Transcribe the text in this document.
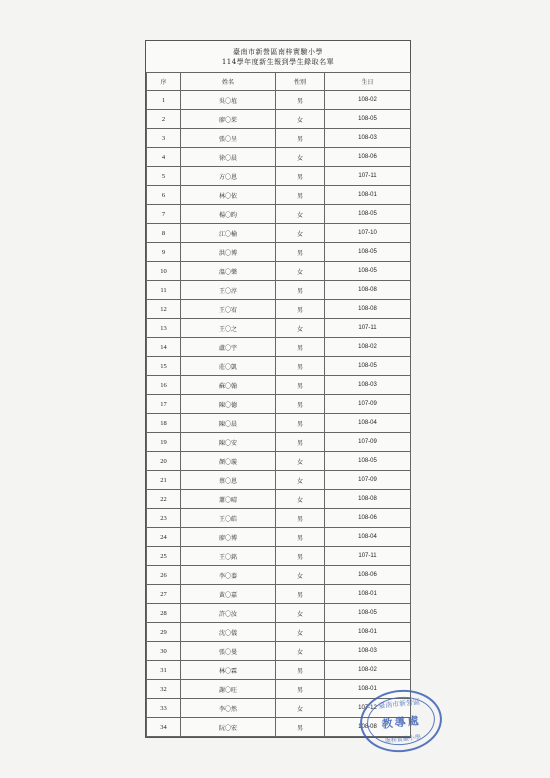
臺南市新營區南梓實驗小學
114學年度新生報到學生錄取名單
序	姓名	性別	生日
1	吳〇埴	男	108-02
2	廖〇茱	女	108-05
3	張〇呈	男	108-03
4	徐〇晨	女	108-06
5	方〇恩	男	107-11
6	林〇依	男	108-01
7	楊〇昀	女	108-05
8	江〇榆	女	107-10
9	洪〇博	男	108-05
10	溫〇樂	女	108-05
11	王〇淳	男	108-08
12	王〇宥	男	108-08
13	王〇之	女	107-11
14	盧〇宇	男	108-02
15	莊〇凱	男	108-05
16	蘇〇翰	男	108-03
17	陳〇德	男	107-09
18	陳〇晨	男	108-04
19	陳〇安	男	107-09
20	顏〇璇	女	108-05
21	蔡〇恩	女	107-09
22	蕭〇晴	女	108-08
23	王〇皓	男	108-06
24	廖〇博	男	108-04
25	王〇銘	男	107-11
26	李〇蓁	女	108-06
27	黃〇嘉	男	108-01
28	許〇汝	女	108-05
29	沈〇儀	女	108-01
30	張〇曼	女	108-03
31	林〇霖	男	108-02
32	謝〇旺	男	108-01
33	李〇然	女	107-12
34	阮〇宏	男	108-08
臺南市新營區
教導處
南梓實驗小學
